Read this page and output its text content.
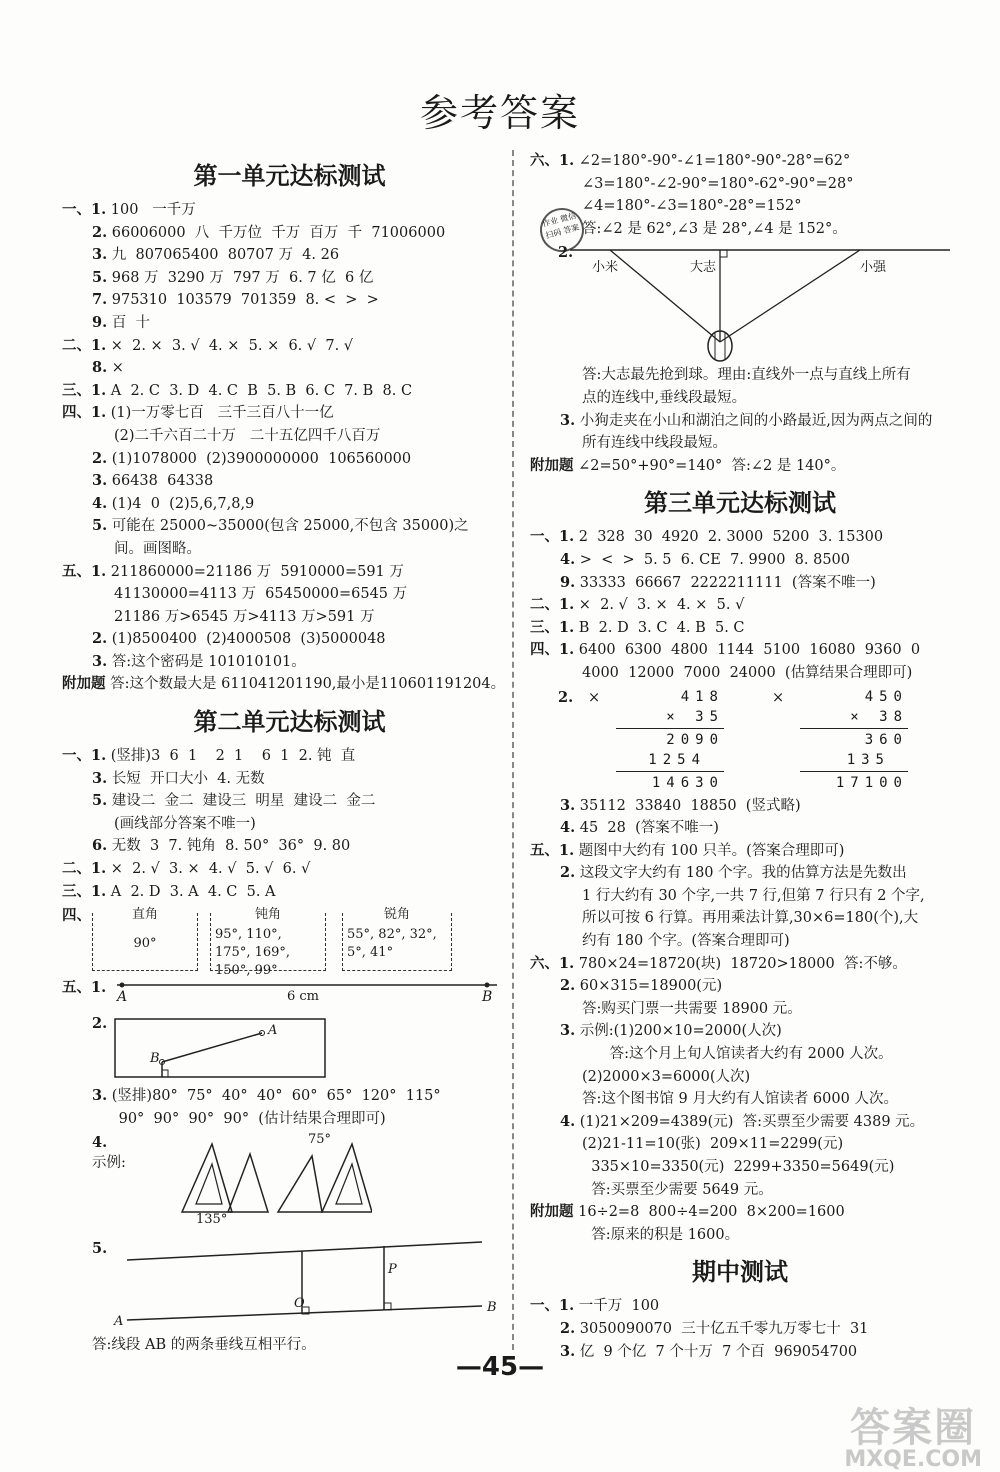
参考答案
第一单元达标测试
一、1. 100   一千万
2. 66006000  八  千万位  千万  百万  千  71006000
3. 九  807065400  80707 万  4. 26
5. 968 万  3290 万  797 万  6. 7 亿  6 亿
7. 975310  103579  701359  8. <  >  >
9. 百  十
二、1. ×  2. ×  3. √  4. ×  5. ×  6. √  7. √
8. ×
三、1. A  2. C  3. D  4. C  B  5. B  6. C  7. B  8. C
四、1. (1)一万零七百   三千三百八十一亿
(2)二千六百二十万   二十五亿四千八百万
2. (1)1078000  (2)3900000000  106560000
3. 66438  64338
4. (1)4  0  (2)5,6,7,8,9
5. 可能在 25000~35000(包含 25000,不包含 35000)之
间。画图略。
五、1. 211860000=21186 万  5910000=591 万
41130000=4113 万  65450000=6545 万
21186 万>6545 万>4113 万>591 万
2. (1)8500400  (2)4000508  (3)5000048
3. 答:这个密码是 101010101。
附加题 答:这个数最大是 611041201190,最小是110601191204。
第二单元达标测试
一、1. (竖排)3  6  1    2  1    6  1  2. 钝  直
3. 长短  开口大小  4. 无数
5. 建设二  金二  建设三  明星  建设二  金二
(画线部分答案不唯一)
6. 无数  3  7. 钝角  8. 50°  36°  9. 80
二、1. ×  2. √  3. ×  4. √  5. √  6. √
三、1. A  2. D  3. A  4. C  5. A
四、	直角
90°
钝角
95°, 110°, 175°, 169°, 150°, 99°
锐角
55°, 82°, 32°, 5°, 41°
五、1.
A	6 cm	B
2.	A
B
3. (竖排)80°  75°  40°  40°  60°  65°  120°  115°
90°  90°  90°  90°  (估计结果合理即可)
4.
示例:
135°
75°
5.
A
B
O
P
答:线段 AB 的两条垂线互相平行。
作业 微信扫码 答案
六、1. ∠2=180°-90°-∠1=180°-90°-28°=62°
∠3=180°-∠2-90°=180°-62°-90°=28°
∠4=180°-∠3=180°-28°=152°
答:∠2 是 62°,∠3 是 28°,∠4 是 152°。
2.
小米	大志	小强
答:大志最先抢到球。理由:直线外一点与直线上所有
点的连线中,垂线段最短。
3. 小狗走夹在小山和湖泊之间的小路最近,因为两点之间的
所有连线中线段最短。
附加题 ∠2=50°+90°=140°  答:∠2 是 140°。
第三单元达标测试
一、1. 2  328  30  4920  2. 3000  5200  3. 15300
4. >  <  >  5. 5  6. CE  7. 9900  8. 8500
9. 33333  66667  2222211111  (答案不唯一)
二、1. ×  2. √  3. ×  4. ×  5. √
三、1. B  2. D  3. C  4. B  5. C
四、1. 6400  6300  4800  1144  5100  16080  9360  0
4000  12000  7000  24000  (估算结果合理即可)
2. ×	×
418
× 35
2090
1254
14630
450
× 38
360
135
17100
3. 35112  33840  18850  (竖式略)
4. 45  28  (答案不唯一)
五、1. 题图中大约有 100 只羊。(答案合理即可)
2. 这段文字大约有 180 个字。我的估算方法是先数出
1 行大约有 30 个字,一共 7 行,但第 7 行只有 2 个字,
所以可按 6 行算。再用乘法计算,30×6=180(个),大
约有 180 个字。(答案合理即可)
六、1. 780×24=18720(块)  18720>18000  答:不够。
2. 60×315=18900(元)
答:购买门票一共需要 18900 元。
3. 示例:(1)200×10=2000(人次)
答:这个月上旬人馆读者大约有 2000 人次。
(2)2000×3=6000(人次)
答:这个图书馆 9 月大约有人馆读者 6000 人次。
4. (1)21×209=4389(元)  答:买票至少需要 4389 元。
(2)21-11=10(张)  209×11=2299(元)
335×10=3350(元)  2299+3350=5649(元)
答:买票至少需要 5649 元。
附加题 16÷2=8  800÷4=200  8×200=1600
答:原来的积是 1600。
期中测试
一、1. 一千万  100
2. 3050090070  三十亿五千零九万零七十  31
3. 亿  9 个亿  7 个十万  7 个百  969054700
—45—
答案圈
MXQE.COM
